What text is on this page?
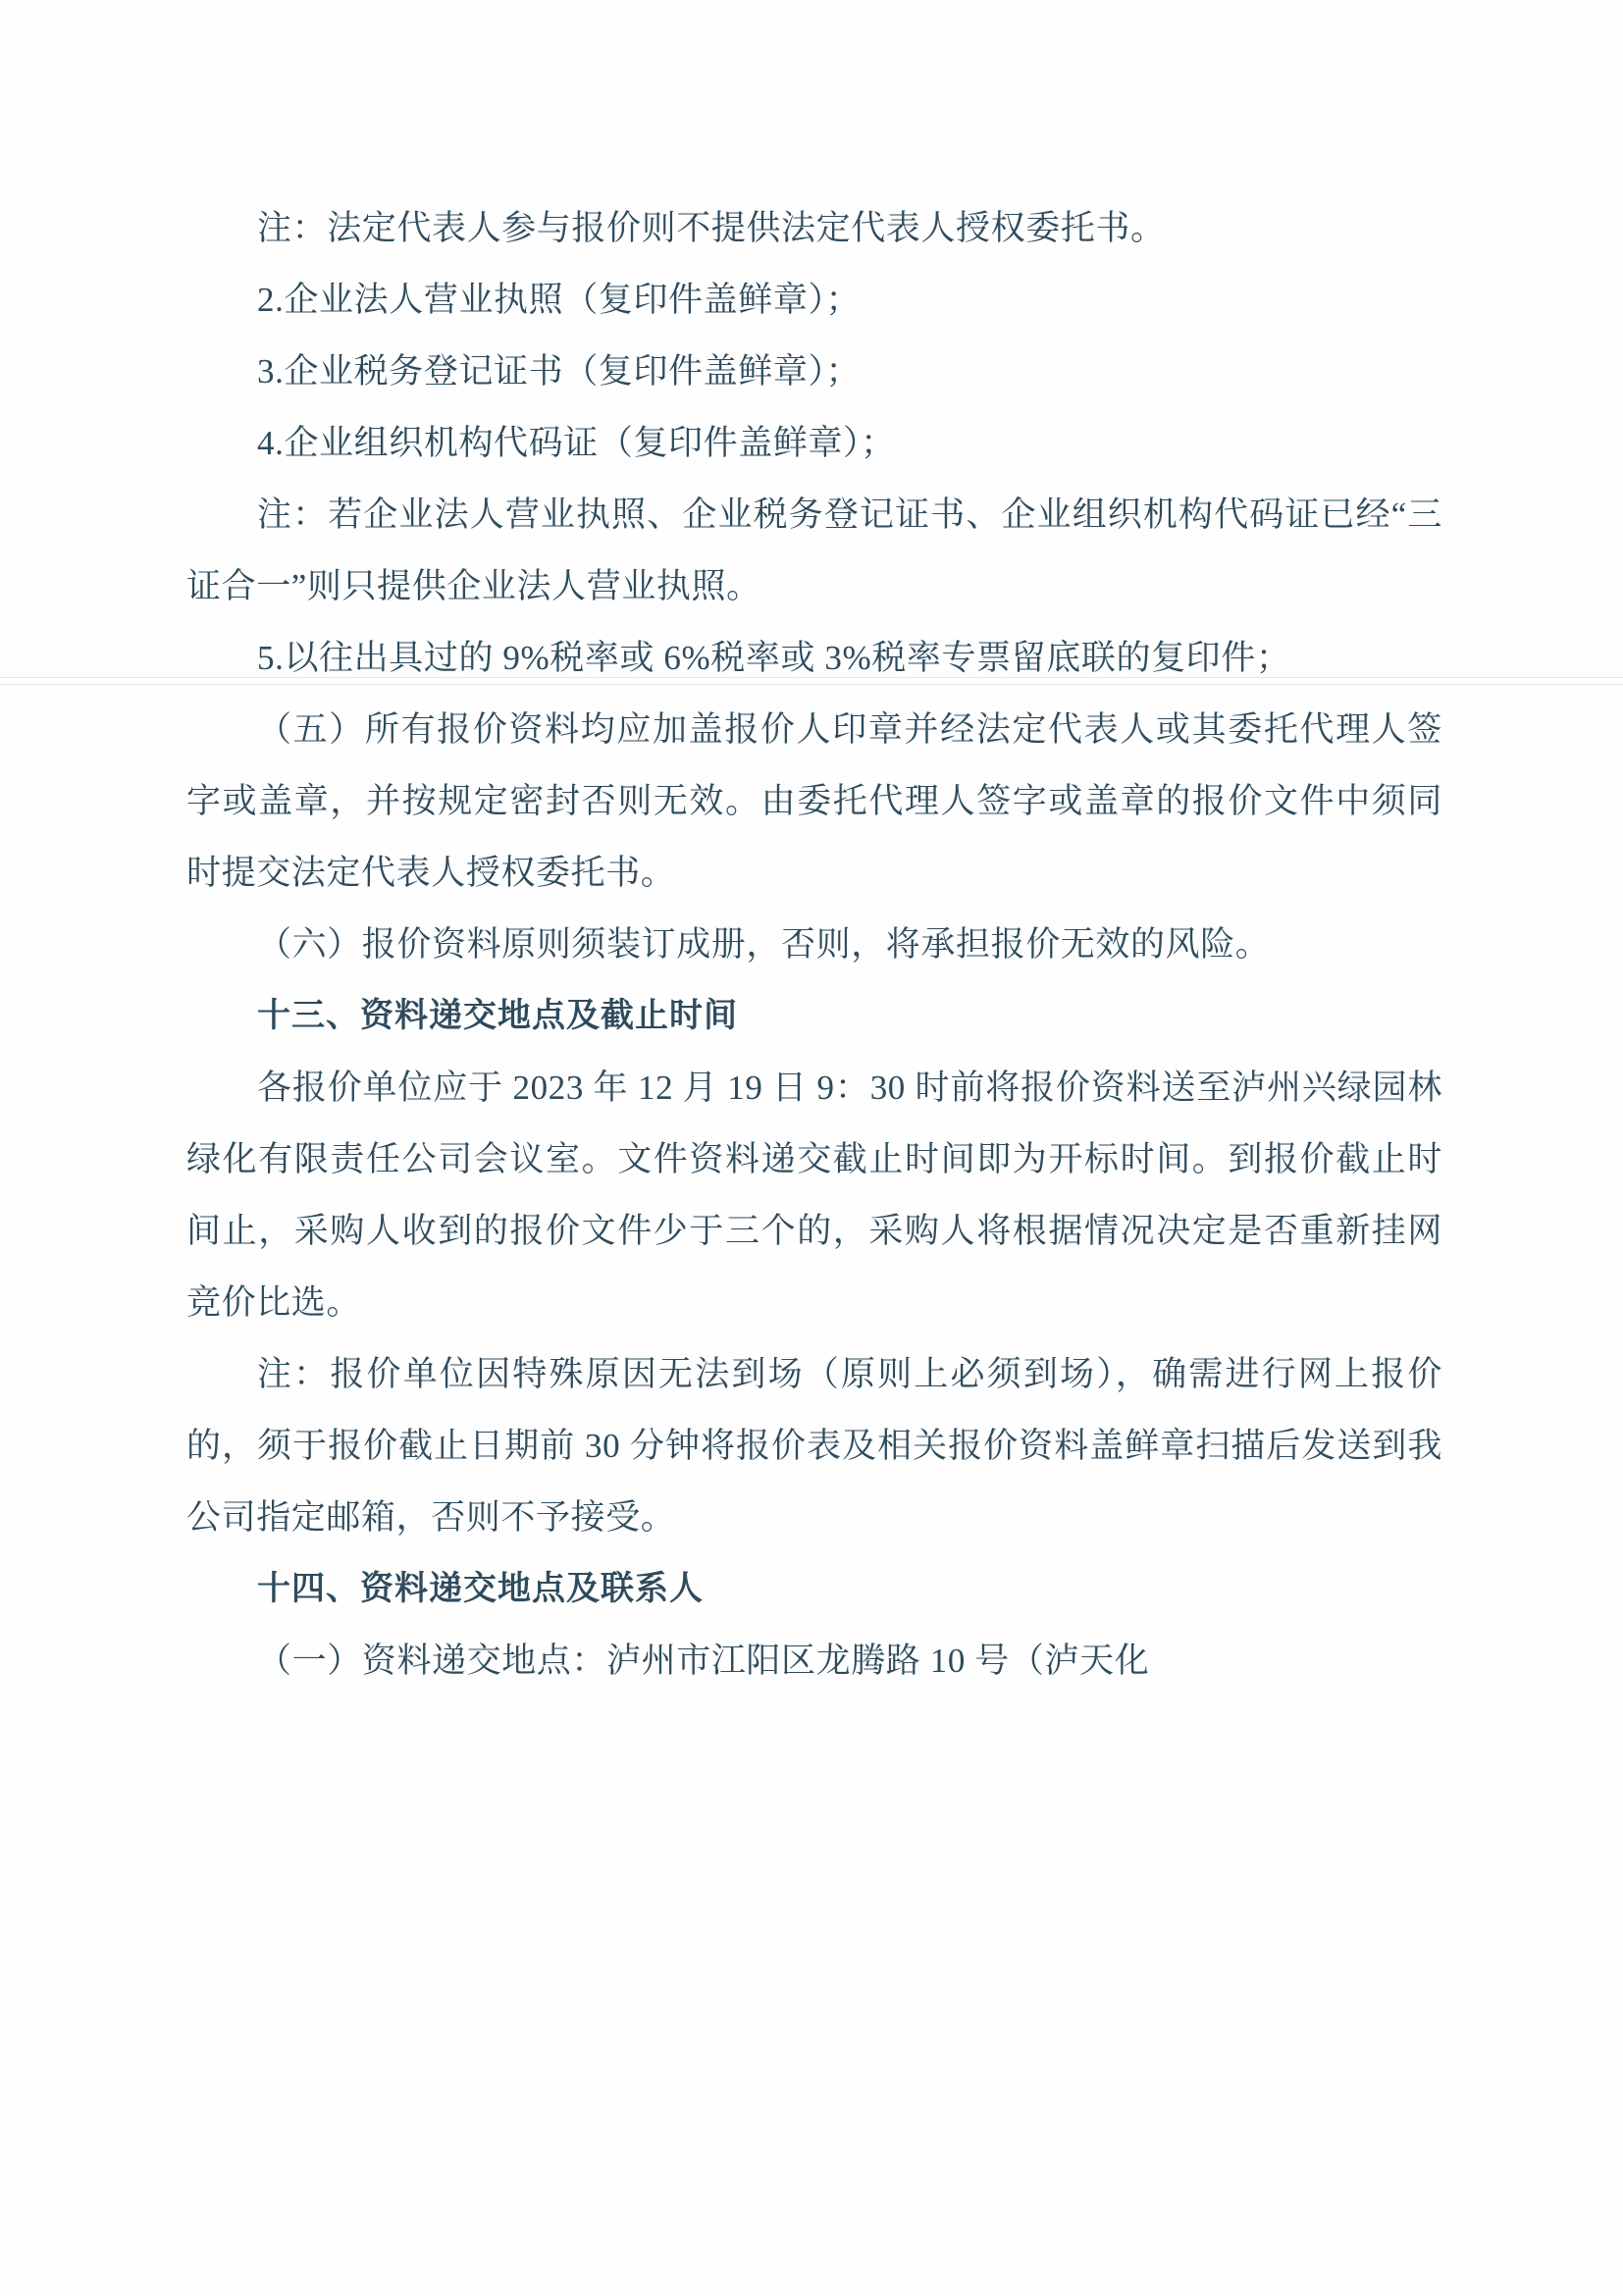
注：法定代表人参与报价则不提供法定代表人授权委托书。

2.企业法人营业执照（复印件盖鲜章）；

3.企业税务登记证书（复印件盖鲜章）；

4.企业组织机构代码证（复印件盖鲜章）；

注：若企业法人营业执照、企业税务登记证书、企业组织机构代码证已经“三证合一”则只提供企业法人营业执照。

5.以往出具过的 9%税率或 6%税率或 3%税率专票留底联的复印件；

（五）所有报价资料均应加盖报价人印章并经法定代表人或其委托代理人签字或盖章，并按规定密封否则无效。由委托代理人签字或盖章的报价文件中须同时提交法定代表人授权委托书。

（六）报价资料原则须装订成册，否则，将承担报价无效的风险。

十三、资料递交地点及截止时间

各报价单位应于 2023 年 12 月 19 日 9：30 时前将报价资料送至泸州兴绿园林绿化有限责任公司会议室。文件资料递交截止时间即为开标时间。到报价截止时间止，采购人收到的报价文件少于三个的，采购人将根据情况决定是否重新挂网竞价比选。

注：报价单位因特殊原因无法到场（原则上必须到场），确需进行网上报价的，须于报价截止日期前 30 分钟将报价表及相关报价资料盖鲜章扫描后发送到我公司指定邮箱，否则不予接受。

十四、资料递交地点及联系人

（一）资料递交地点：泸州市江阳区龙腾路 10 号（泸天化
